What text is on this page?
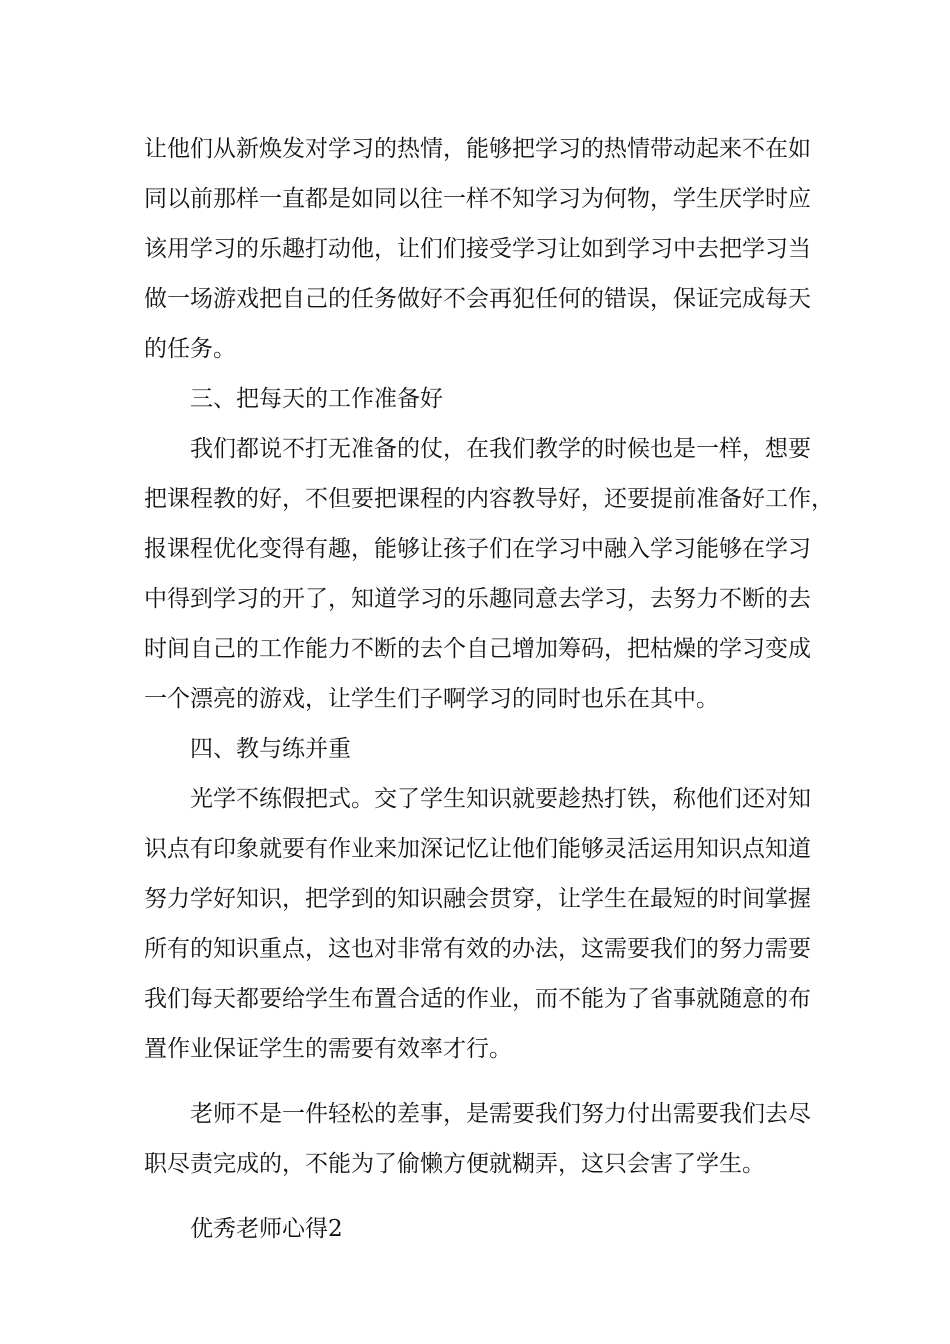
让他们从新焕发对学习的热情，能够把学习的热情带动起来不在如
同以前那样一直都是如同以往一样不知学习为何物，学生厌学时应
该用学习的乐趣打动他，让们们接受学习让如到学习中去把学习当
做一场游戏把自己的任务做好不会再犯任何的错误，保证完成每天
的任务。
三、把每天的工作准备好
我们都说不打无准备的仗，在我们教学的时候也是一样，想要
把课程教的好，不但要把课程的内容教导好，还要提前准备好工作，
报课程优化变得有趣，能够让孩子们在学习中融入学习能够在学习
中得到学习的开了，知道学习的乐趣同意去学习，去努力不断的去
时间自己的工作能力不断的去个自己增加筹码，把枯燥的学习变成
一个漂亮的游戏，让学生们子啊学习的同时也乐在其中。
四、教与练并重
光学不练假把式。交了学生知识就要趁热打铁，称他们还对知
识点有印象就要有作业来加深记忆让他们能够灵活运用知识点知道
努力学好知识，把学到的知识融会贯穿，让学生在最短的时间掌握
所有的知识重点，这也对非常有效的办法，这需要我们的努力需要
我们每天都要给学生布置合适的作业，而不能为了省事就随意的布
置作业保证学生的需要有效率才行。
老师不是一件轻松的差事，是需要我们努力付出需要我们去尽
职尽责完成的，不能为了偷懒方便就糊弄，这只会害了学生。
优秀老师心得2
